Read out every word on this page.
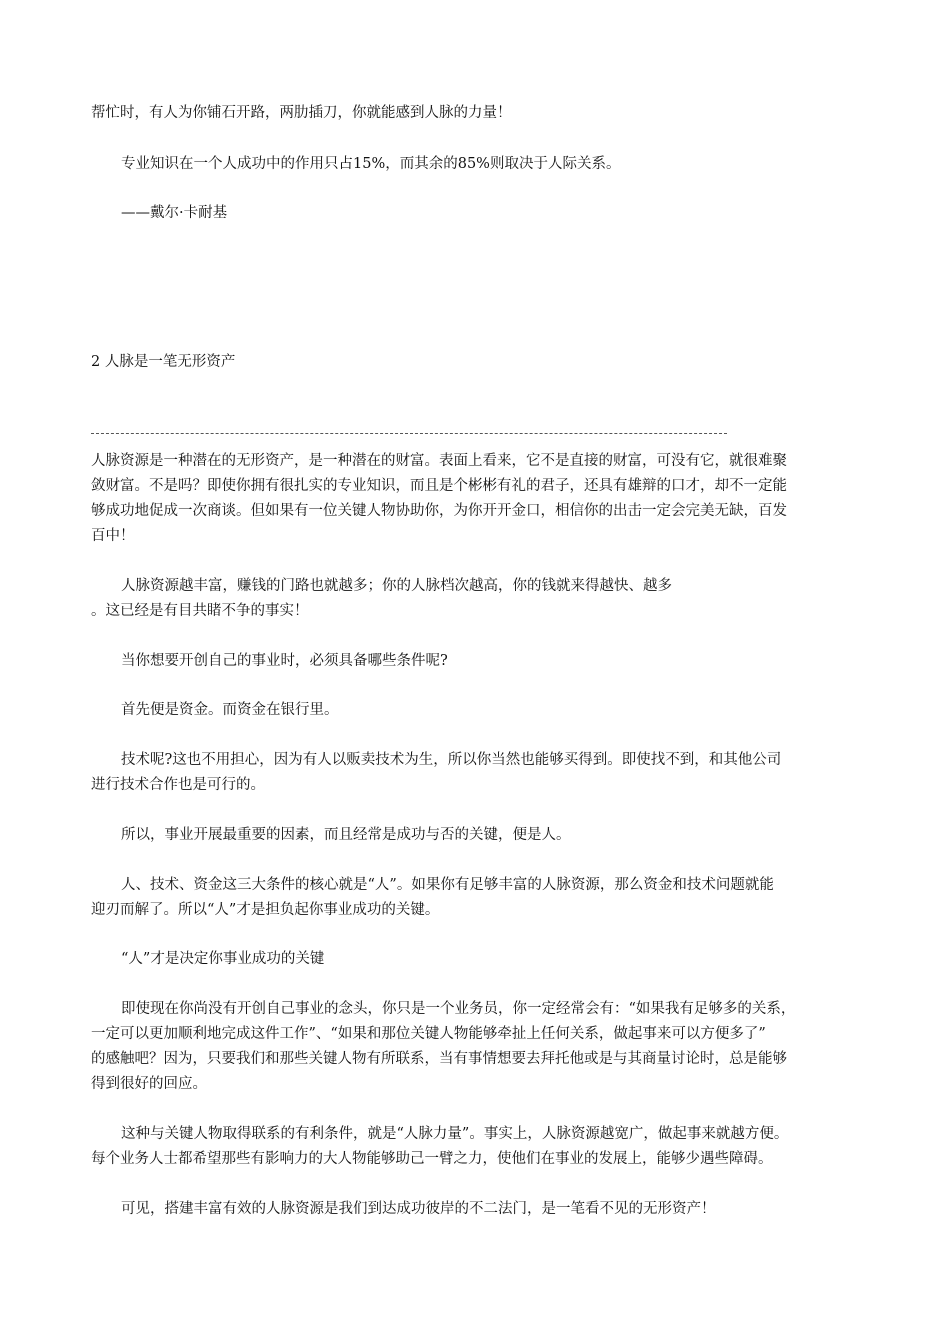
帮忙时，有人为你铺石开路，两肋插刀，你就能感到人脉的力量！
专业知识在一个人成功中的作用只占15%，而其余的85%则取决于人际关系。
——戴尔·卡耐基
2 人脉是一笔无形资产
人脉资源是一种潜在的无形资产，是一种潜在的财富。表面上看来，它不是直接的财富，可没有它，就很难聚
敛财富。不是吗？即使你拥有很扎实的专业知识，而且是个彬彬有礼的君子，还具有雄辩的口才，却不一定能
够成功地促成一次商谈。但如果有一位关键人物协助你，为你开开金口，相信你的出击一定会完美无缺，百发
百中！
人脉资源越丰富，赚钱的门路也就越多；你的人脉档次越高，你的钱就来得越快、越多
。这已经是有目共睹不争的事实！
当你想要开创自己的事业时，必须具备哪些条件呢?
首先便是资金。而资金在银行里。
技术呢?这也不用担心，因为有人以贩卖技术为生，所以你当然也能够买得到。即使找不到，和其他公司
进行技术合作也是可行的。
所以，事业开展最重要的因素，而且经常是成功与否的关键，便是人。
人、技术、资金这三大条件的核心就是“人”。如果你有足够丰富的人脉资源，那么资金和技术问题就能
迎刃而解了。所以“人”才是担负起你事业成功的关键。
“人”才是决定你事业成功的关键
即使现在你尚没有开创自己事业的念头，你只是一个业务员，你一定经常会有：“如果我有足够多的关系，
一定可以更加顺利地完成这件工作”、“如果和那位关键人物能够牵扯上任何关系，做起事来可以方便多了”
的感触吧？因为，只要我们和那些关键人物有所联系，当有事情想要去拜托他或是与其商量讨论时，总是能够
得到很好的回应。
这种与关键人物取得联系的有利条件，就是“人脉力量”。事实上，人脉资源越宽广，做起事来就越方便。
每个业务人士都希望那些有影响力的大人物能够助己一臂之力，使他们在事业的发展上，能够少遇些障碍。
可见，搭建丰富有效的人脉资源是我们到达成功彼岸的不二法门，是一笔看不见的无形资产！
